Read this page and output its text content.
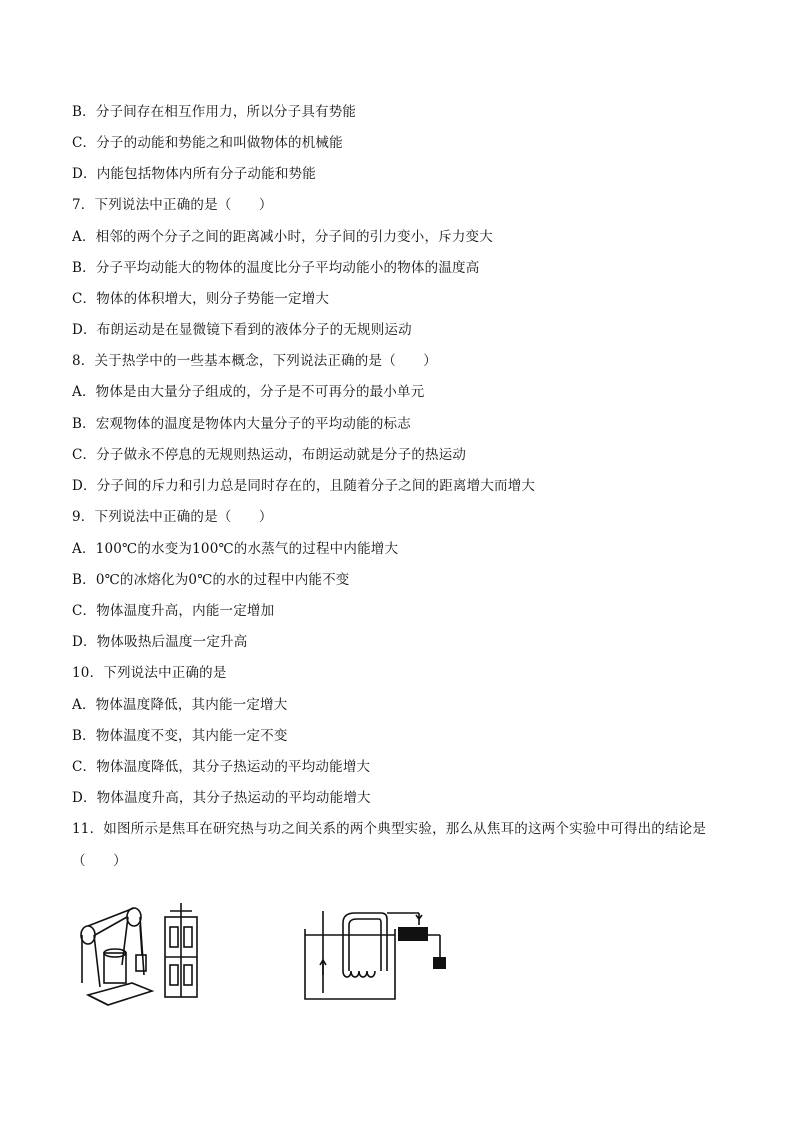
B．分子间存在相互作用力，所以分子具有势能
C．分子的动能和势能之和叫做物体的机械能
D．内能包括物体内所有分子动能和势能
7．下列说法中正确的是（　　）
A．相邻的两个分子之间的距离减小时，分子间的引力变小，斥力变大
B．分子平均动能大的物体的温度比分子平均动能小的物体的温度高
C．物体的体积增大，则分子势能一定增大
D．布朗运动是在显微镜下看到的液体分子的无规则运动
8．关于热学中的一些基本概念，下列说法正确的是（　　）
A．物体是由大量分子组成的，分子是不可再分的最小单元
B．宏观物体的温度是物体内大量分子的平均动能的标志
C．分子做永不停息的无规则热运动，布朗运动就是分子的热运动
D．分子间的斥力和引力总是同时存在的，且随着分子之间的距离增大而增大
9．下列说法中正确的是（　　）
A．100℃的水变为100℃的水蒸气的过程中内能增大
B．0℃的冰熔化为0℃的水的过程中内能不变
C．物体温度升高，内能一定增加
D．物体吸热后温度一定升高
10．下列说法中正确的是
A．物体温度降低，其内能一定增大
B．物体温度不变，其内能一定不变
C．物体温度降低，其分子热运动的平均动能增大
D．物体温度升高，其分子热运动的平均动能增大
11．如图所示是焦耳在研究热与功之间关系的两个典型实验，那么从焦耳的这两个实验中可得出的结论是
（　　）
